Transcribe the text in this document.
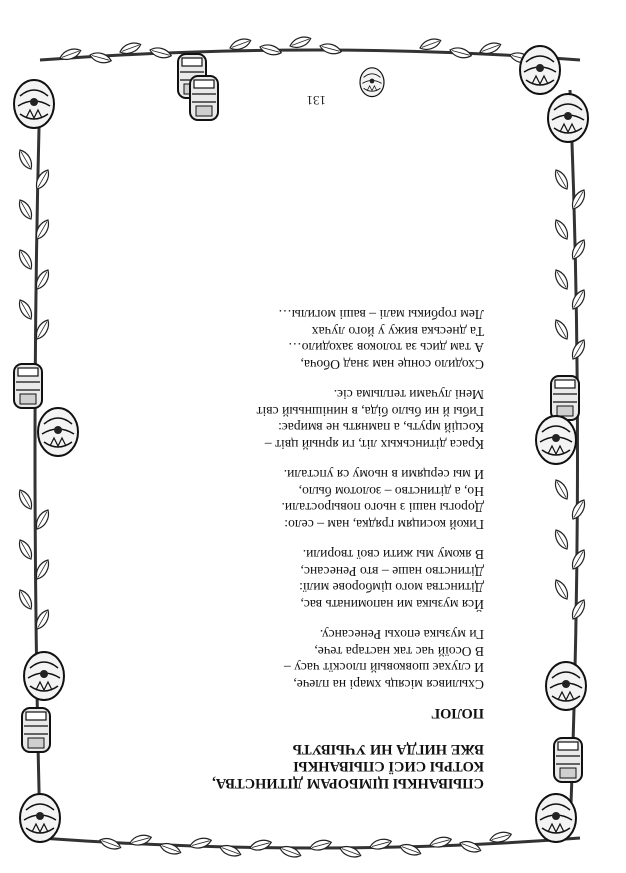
СПЫВАНКЫ ЦІМБОРАМ ДІТИНСТВА,
КОТРЫ СИСЇ СПЫВАНКЫ
ВЖЕ НИГДА НИ УЧЫВУТЬ
ПОЛОГ
Схылився місяць хмарі на плече,
И слухає шовковый плоскїт часу –
В Осоїй час так настара тече,
Ги музыка епохы Ренесансу.
Йся музыка ми напоминать вас,
Дітинства мого цімборове милї:
Дітинство наше – вто Ренесанс,
В якому мы жити свої творили.
Гикой косицям грядка, нам – село:
Дорогы наші з нього повыростали.
Но, а дітинство – золотом было,
И мы серцями в ньому ся упстали.
Краса дітинськых літ, ги ярный цвіт –
Косцій мруть, а памнять не вмирає:
Гибы й ни было біда, в нинішньый світ
Мені лучами теплыма сіє.
Сходило сонце нам знад Обоча,
А там дись за толоков заходило…
Та днеська вижу у його лучах
Лем горбикы малі – ваші могилы…
131
